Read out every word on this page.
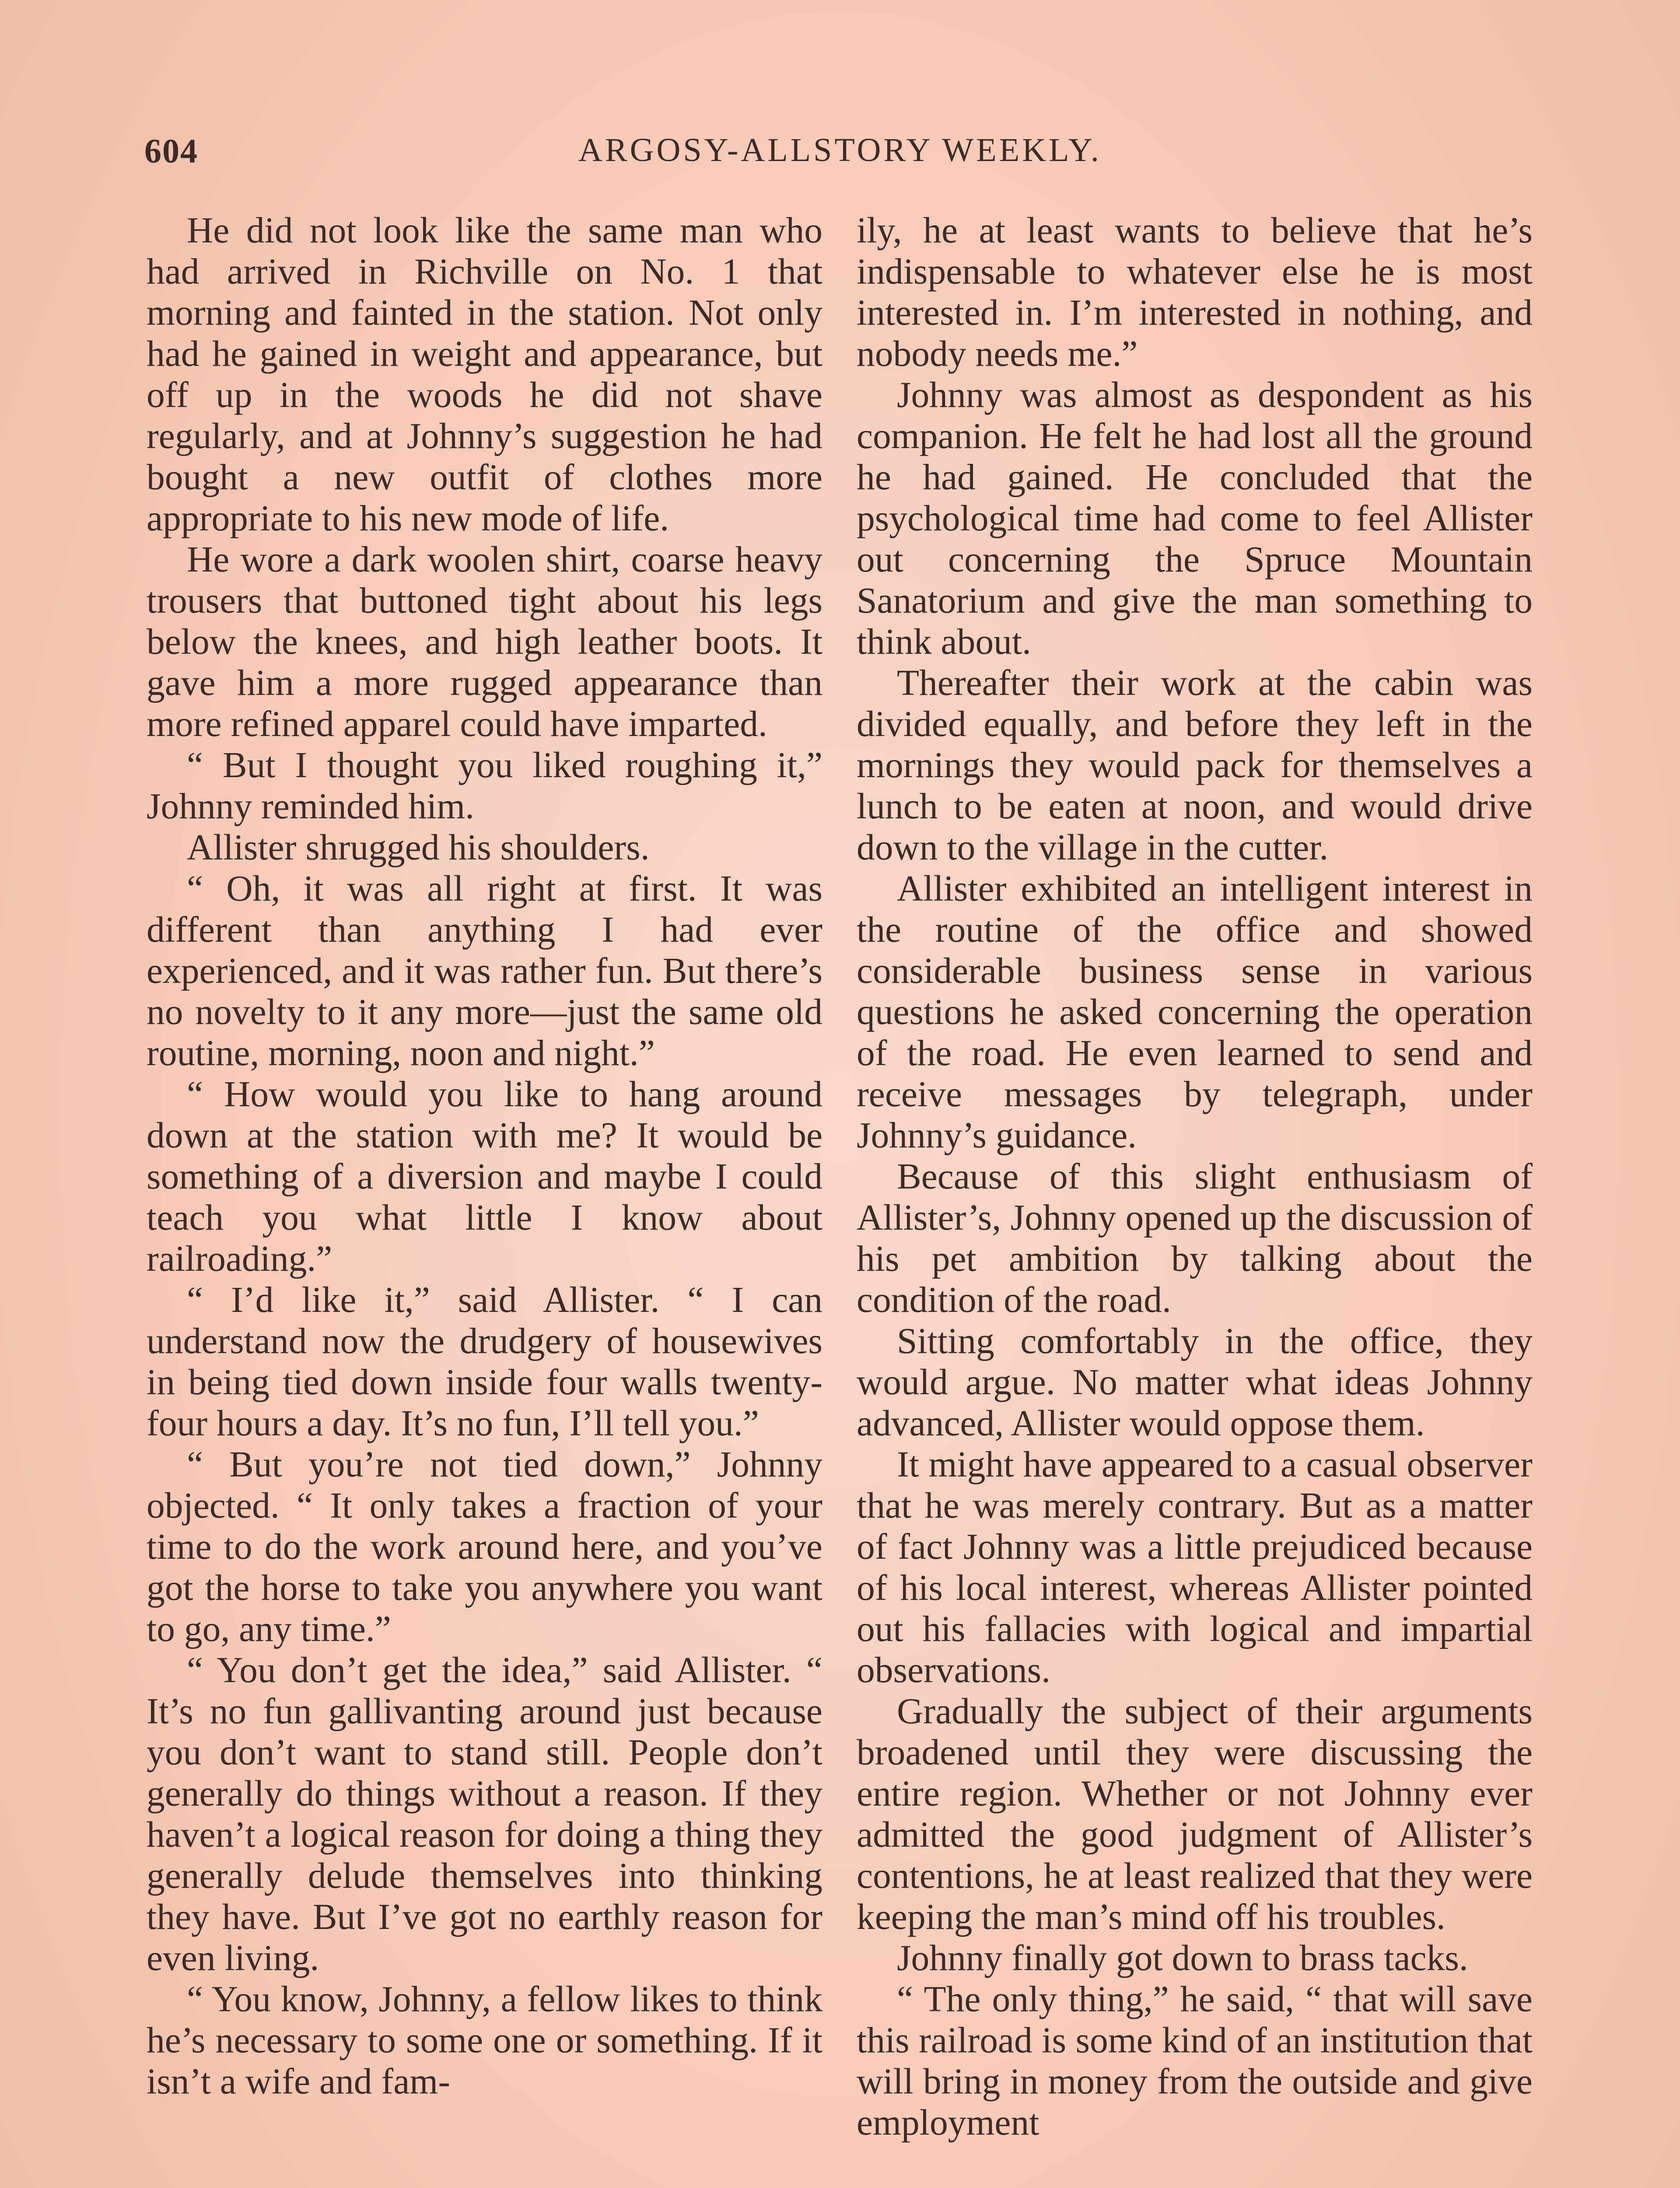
604	ARGOSY-ALLSTORY WEEKLY.

He did not look like the same man who had arrived in Richville on No. 1 that morning and fainted in the station. Not only had he gained in weight and appearance, but off up in the woods he did not shave regularly, and at Johnny’s suggestion he had bought a new outfit of clothes more appropriate to his new mode of life.

He wore a dark woolen shirt, coarse heavy trousers that buttoned tight about his legs below the knees, and high leather boots. It gave him a more rugged appearance than more refined apparel could have imparted.

“ But I thought you liked roughing it,” Johnny reminded him.

Allister shrugged his shoulders.

“ Oh, it was all right at first. It was different than anything I had ever experienced, and it was rather fun. But there’s no novelty to it any more—just the same old routine, morning, noon and night.”

“ How would you like to hang around down at the station with me? It would be something of a diversion and maybe I could teach you what little I know about railroading.”

“ I’d like it,” said Allister. “ I can understand now the drudgery of housewives in being tied down inside four walls twenty-four hours a day. It’s no fun, I’ll tell you.”

“ But you’re not tied down,” Johnny objected. “ It only takes a fraction of your time to do the work around here, and you’ve got the horse to take you anywhere you want to go, any time.”

“ You don’t get the idea,” said Allister. “ It’s no fun gallivanting around just because you don’t want to stand still. People don’t generally do things without a reason. If they haven’t a logical reason for doing a thing they generally delude themselves into thinking they have. But I’ve got no earthly reason for even living.

“ You know, Johnny, a fellow likes to think he’s necessary to some one or something. If it isn’t a wife and fam-

ily, he at least wants to believe that he’s indispensable to whatever else he is most interested in. I’m interested in nothing, and nobody needs me.”

Johnny was almost as despondent as his companion. He felt he had lost all the ground he had gained. He concluded that the psychological time had come to feel Allister out concerning the Spruce Mountain Sanatorium and give the man something to think about.

Thereafter their work at the cabin was divided equally, and before they left in the mornings they would pack for themselves a lunch to be eaten at noon, and would drive down to the village in the cutter.

Allister exhibited an intelligent interest in the routine of the office and showed considerable business sense in various questions he asked concerning the operation of the road. He even learned to send and receive messages by telegraph, under Johnny’s guidance.

Because of this slight enthusiasm of Allister’s, Johnny opened up the discussion of his pet ambition by talking about the condition of the road.

Sitting comfortably in the office, they would argue. No matter what ideas Johnny advanced, Allister would oppose them.

It might have appeared to a casual observer that he was merely contrary. But as a matter of fact Johnny was a little prejudiced because of his local interest, whereas Allister pointed out his fallacies with logical and impartial observations.

Gradually the subject of their arguments broadened until they were discussing the entire region. Whether or not Johnny ever admitted the good judgment of Allister’s contentions, he at least realized that they were keeping the man’s mind off his troubles.

Johnny finally got down to brass tacks.

“ The only thing,” he said, “ that will save this railroad is some kind of an institution that will bring in money from the outside and give employment
